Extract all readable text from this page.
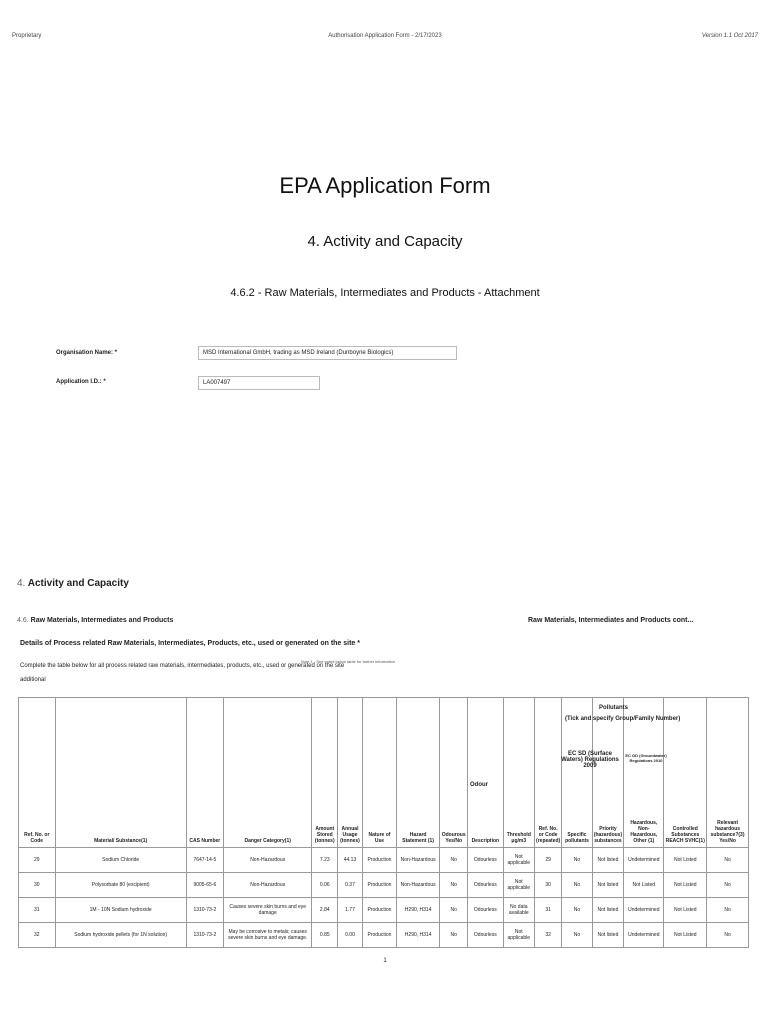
Proprietary	Authorisation Application Form - 2/17/2023	Version 1.1 Oct 2017
EPA Application Form
4. Activity and Capacity
4.6.2 - Raw Materials, Intermediates and Products - Attachment
Organisation Name: *	MSD International GmbH, trading as MSD Ireland (Dunboyne Biologics)
Application I.D.: *	LA007497
4. Activity and Capacity
4.6. Raw Materials, Intermediates and Products	Raw Materials, Intermediates and Products cont...
Details of Process related Raw Materials, Intermediates, Products, etc., used or generated on the site *
Complete the table below for all process related raw materials, intermediates, products, etc., used or generated on the site
Note 1 - See notes below table for further information
additional
Ref. No. or Code	Material/ Substance(1)	CAS Number	Danger Category(1)	Amount Stored (tonnes)	Annual Usage (tonnes)	Nature of Use	Hazard Statement (1)	Odourous Yes/No	Description	Threshold μg/m3	Ref. No. or Code (repeated)	Specific pollutants	Priority (hazardous) substances	Hazardous, Non-Hazardous, Other (1)	Controlled Substances REACH SVHC(1)	Relevant hazardous substance?(3) Yes/No
29	Sodium Chloride	7647-14-5	Non-Hazardous	7.23	44.13	Production	Non-Hazardous	No	Odourless	Not applicable	29	No	Not listed	Undetermined	Not Listed	No
30	Polysorbate 80 (excipient)	9005-65-6	Non-Hazardous	0.06	0.37	Production	Non-Hazardous	No	Odourless	Not applicable	30	No	Not listed	Not Listed	Not Listed	No
31	1M - 10N Sodium hydroxide	1310-73-2	Causes severe skin burns and eye damage	2.84	1.77	Production	H290, H314	No	Odourless	No data available	31	No	Not listed	Undetermined	Not Listed	No
32	Sodium hydroxide pellets (for 1N solution)	1310-73-2	May be corrosive to metals; causes severe skin burns and eye damage.	0.85	0.00	Production	H290, H314	No	Odourless	Not applicable	32	No	Not listed	Undetermined	Not Listed	No
Pollutants
(Tick and specify Group/Family Number)
EC SD (Surface Waters) Regulations 2009
EC GD (Groundwater) Regulations 2010
Odour
1
